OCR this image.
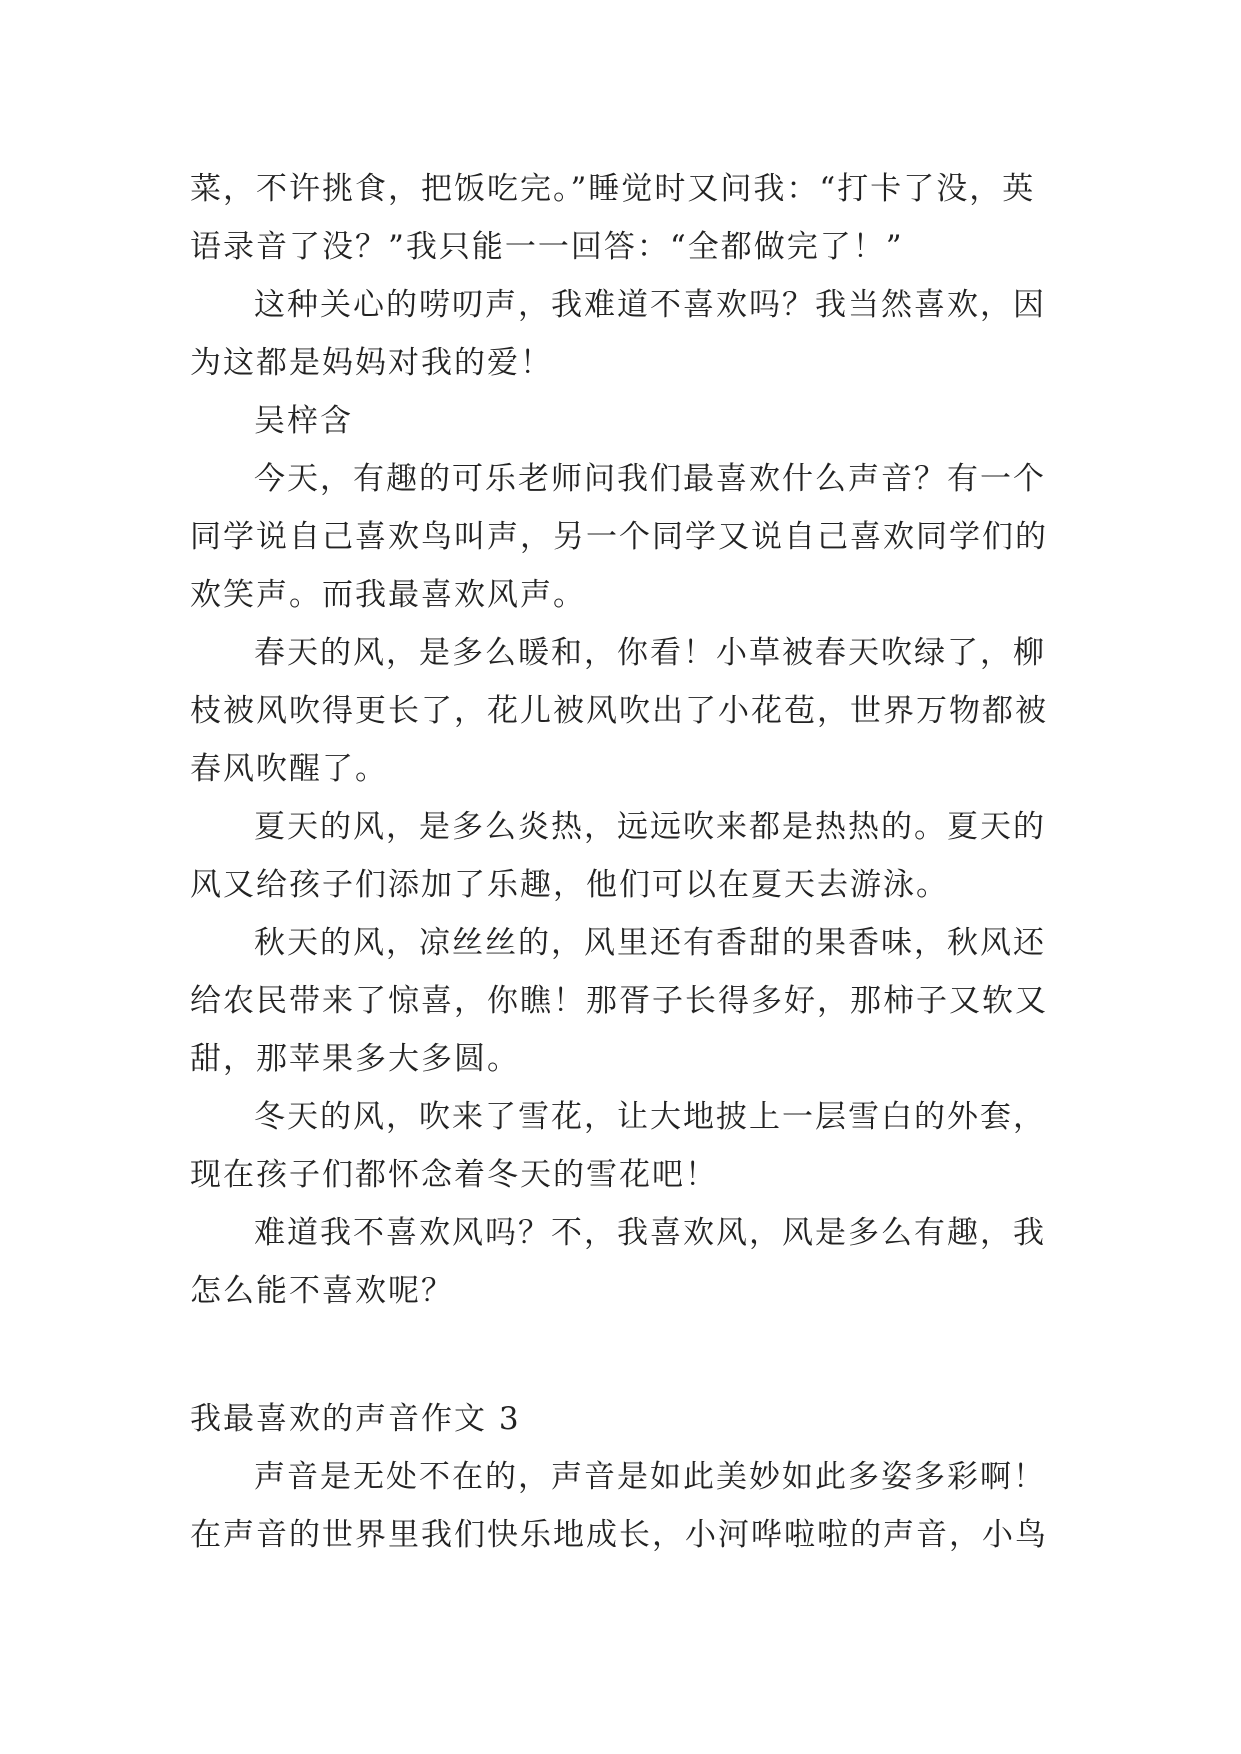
菜，不许挑食，把饭吃完。”睡觉时又问我：“打卡了没，英
语录音了没？”我只能一一回答：“全都做完了！”
这种关心的唠叨声，我难道不喜欢吗？我当然喜欢，因
为这都是妈妈对我的爱！
吴梓含
今天，有趣的可乐老师问我们最喜欢什么声音？有一个
同学说自己喜欢鸟叫声，另一个同学又说自己喜欢同学们的
欢笑声。而我最喜欢风声。
春天的风，是多么暖和，你看！小草被春天吹绿了，柳
枝被风吹得更长了，花儿被风吹出了小花苞，世界万物都被
春风吹醒了。
夏天的风，是多么炎热，远远吹来都是热热的。夏天的
风又给孩子们添加了乐趣，他们可以在夏天去游泳。
秋天的风，凉丝丝的，风里还有香甜的果香味，秋风还
给农民带来了惊喜，你瞧！那胥子长得多好，那柿子又软又
甜，那苹果多大多圆。
冬天的风，吹来了雪花，让大地披上一层雪白的外套，
现在孩子们都怀念着冬天的雪花吧！
难道我不喜欢风吗？不，我喜欢风，风是多么有趣，我
怎么能不喜欢呢？
我最喜欢的声音作文 3
声音是无处不在的，声音是如此美妙如此多姿多彩啊！
在声音的世界里我们快乐地成长，小河哗啦啦的声音，小鸟
